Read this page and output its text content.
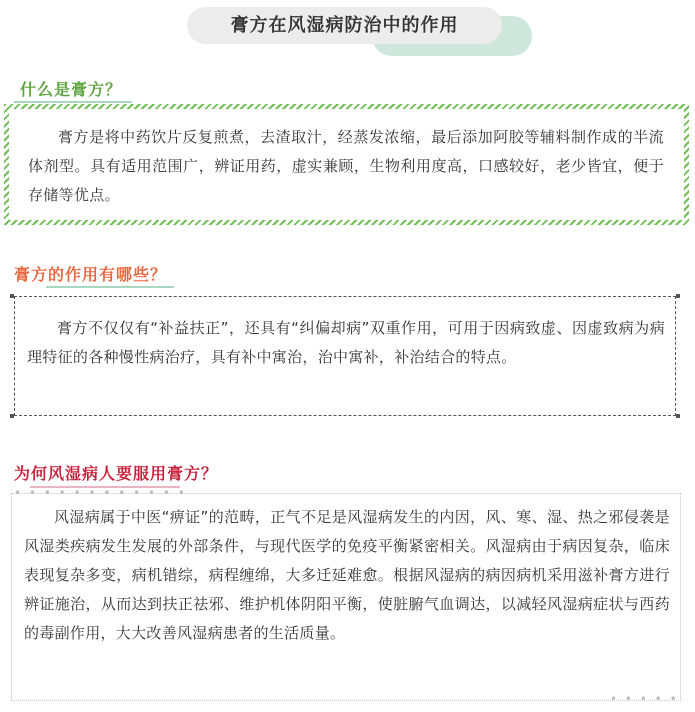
膏方在风湿病防治中的作用
什么是膏方？

膏方是将中药饮片反复煎煮，去渣取汁，经蒸发浓缩，最后添加阿胶等辅料制作成的半流体剂型。具有适用范围广，辨证用药，虚实兼顾，生物利用度高，口感较好，老少皆宜，便于存储等优点。

膏方的作用有哪些？

膏方不仅仅有“补益扶正”，还具有“纠偏却病”双重作用，可用于因病致虚、因虚致病为病理特征的各种慢性病治疗，具有补中寓治，治中寓补，补治结合的特点。

为何风湿病人要服用膏方？
• • • • • • • • • • • •
• • • • •

风湿病属于中医“痹证”的范畴，正气不足是风湿病发生的内因，风、寒、湿、热之邪侵袭是风湿类疾病发生发展的外部条件，与现代医学的免疫平衡紧密相关。风湿病由于病因复杂，临床表现复杂多变，病机错综，病程缠绵，大多迁延难愈。根据风湿病的病因病机采用滋补膏方进行辨证施治，从而达到扶正祛邪、维护机体阴阳平衡，使脏腑气血调达，以减轻风湿病症状与西药的毒副作用，大大改善风湿病患者的生活质量。
